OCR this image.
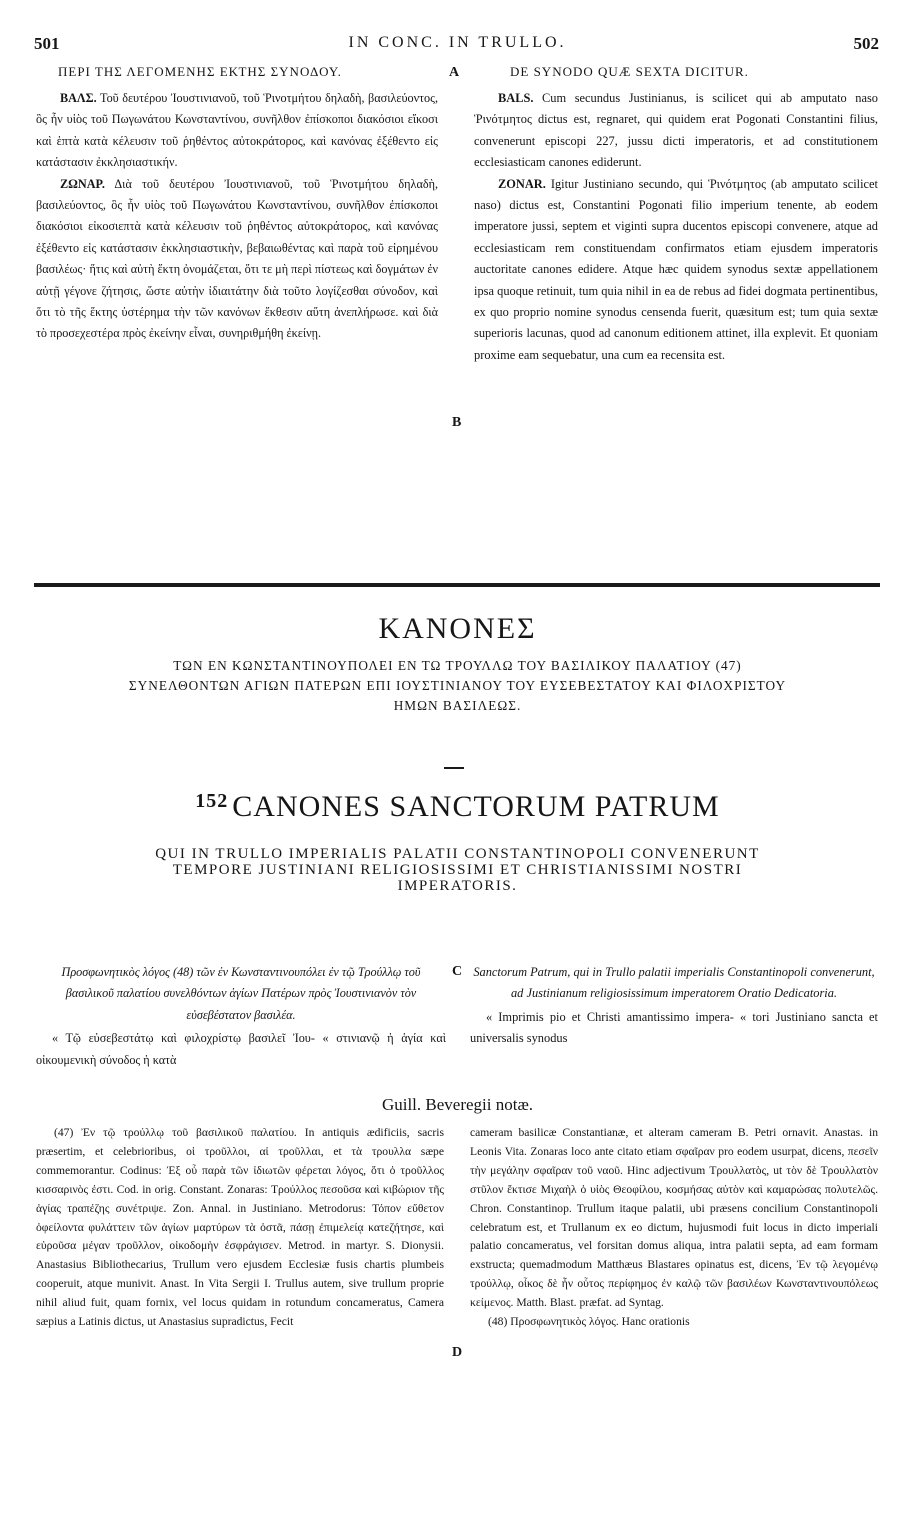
501	IN CONC. IN TRULLO.	502
ΠΕΡΙ ΤΗΣ ΛΕΓΟΜΕΝΗΣ ΕΚΤΗΣ ΣΥΝΟΔΟΥ.	A	DE SYNODO QUÆ SEXTA DICITUR.

ΒΑΛΣ. Τοῦ δευτέρου Ἰουστινιανοῦ, τοῦ Ῥινοτμήτου δηλαδὴ, βασιλεύοντος, ὃς ἦν υἱὸς τοῦ Πωγωνάτου Κωνσταντίνου, συνῆλθον ἐπίσκοποι διακόσιοι εἴκοσι καὶ ἑπτὰ κατὰ κέλευσιν τοῦ ῥηθέντος αὐτοκράτορος, καὶ κανόνας ἐξέθεντο εἰς κατάστασιν ἐκκλησιαστικήν.

ΖΩΝΑΡ. Διὰ τοῦ δευτέρου Ἰουστινιανοῦ, τοῦ Ῥινοτμήτου δηλαδὴ, βασιλεύοντος, ὃς ἦν υἱὸς τοῦ Πωγωνάτου Κωνσταντίνου, συνῆλθον ἐπίσκοποι διακόσιοι εἰκοσιεπτὰ κατὰ κέλευσιν τοῦ ῥηθέντος αὐτοκράτορος, καὶ κανόνας ἐξέθεντο εἰς κατάστασιν ἐκκλησιαστικὴν, βεβαιωθέντας καὶ παρὰ τοῦ εἰρημένου βασιλέως· ἥτις καὶ αὐτὴ ἕκτη ὀνομάζεται, ὅτι τε μὴ περὶ πίστεως καὶ δογμάτων ἐν αὐτῇ γέγονε ζήτησις, ὥστε αὐτὴν ἰδιαιτάτην διὰ τοῦτο λογίζεσθαι σύνοδον, καὶ ὅτι τὸ τῆς ἕκτης ὑστέρημα τὴν τῶν κανόνων ἔκθεσιν αὕτη ἀνεπλήρωσε. καὶ διὰ τὸ προσεχεστέρα πρὸς ἐκείνην εἶναι, συνηριθμήθη ἐκείνῃ.

B

BALS. Cum secundus Justinianus, is scilicet qui ab amputato naso Ῥινότμητος dictus est, regnaret, qui quidem erat Pogonati Constantini filius, convenerunt episcopi 227, jussu dicti imperatoris, et ad constitutionem ecclesiasticam canones ediderunt.

ZONAR. Igitur Justiniano secundo, qui Ῥινότμητος (ab amputato scilicet naso) dictus est, Constantini Pogonati filio imperium tenente, ab eodem imperatore jussi, septem et viginti supra ducentos episcopi convenere, atque ad ecclesiasticam rem constituendam confirmatos etiam ejusdem imperatoris auctoritate canones edidere. Atque hæc quidem synodus sextæ appellationem ipsa quoque retinuit, tum quia nihil in ea de rebus ad fidei dogmata pertinentibus, ex quo proprio nomine synodus censenda fuerit, quæsitum est; tum quia sextæ superioris lacunas, quod ad canonum editionem attinet, illa explevit. Et quoniam proxime eam sequebatur, una cum ea recensita est.

ΚΑΝΟΝΕΣ
ΤΩΝ ΕΝ ΚΩΝΣΤΑΝΤΙΝΟΥΠΟΛΕΙ ΕΝ ΤΩ ΤΡΟΥΛΛΩ ΤΟΥ ΒΑΣΙΛΙΚΟΥ ΠΑΛΑΤΙΟΥ (47)
ΣΥΝΕΛΘΟΝΤΩΝ ΑΓΙΩΝ ΠΑΤΕΡΩΝ ΕΠΙ ΙΟΥΣΤΙΝΙΑΝΟΥ ΤΟΥ ΕΥΣΕΒΕΣΤΑΤΟΥ ΚΑΙ ΦΙΛΟΧΡΙΣΤΟΥ
ΗΜΩΝ ΒΑΣΙΛΕΩΣ.
$^{152}$ CANONES SANCTORUM PATRUM
QUI IN TRULLO IMPERIALIS PALATII CONSTANTINOPOLI CONVENERUNT
TEMPORE JUSTINIANI RELIGIOSISSIMI ET CHRISTIANISSIMI NOSTRI
IMPERATORIS.
Προσφωνητικὸς λόγος (48) τῶν ἐν Κωνσταντινουπόλει ἐν τῷ Τρούλλῳ τοῦ βασιλικοῦ παλατίου συνελθόντων ἁγίων Πατέρων πρὸς Ἰουστινιανὸν τὸν εὐσεβέστατον βασιλέα.
« Τῷ εὐσεβεστάτῳ καὶ φιλοχρίστῳ βασιλεῖ Ἰου- « στινιανῷ ἡ ἁγία καὶ οἰκουμενικὴ σύνοδος ἡ κατὰ
C Sanctorum Patrum, qui in Trullo palatii imperialis Constantinopoli convenerunt, ad Justinianum religiosissimum imperatorem Oratio Dedicatoria.
« Imprimis pio et Christi amantissimo impera- « tori Justiniano sancta et universalis synodus
Guill. Beveregii notæ.

(47) Ἐν τῷ τρούλλῳ τοῦ βασιλικοῦ παλατίου. In antiquis ædificiis, sacris præsertim, et celebrioribus, οἱ τροῦλλοι, αἱ τροῦλλαι, et τὰ τρουλλα sæpe commemorantur. Codinus: Ἐξ οὗ παρὰ τῶν ἰδιωτῶν φέρεται λόγος, ὅτι ὁ τροῦλλος κισσαρινὸς ἐστι. Cod. in orig. Constant. Zonaras: Τρούλλος πεσοῦσα καὶ κιβώριον τῆς ἁγίας τραπέζης συνέτριψε. Zon. Annal. in Justiniano. Metrodorus: Τόπον εὔθετον ὀφείλοντα φυλάττειν τῶν ἁγίων μαρτύρων τὰ ὀστᾶ, πάσῃ ἐπιμελείᾳ κατεζήτησε, καὶ εὑροῦσα μέγαν τροῦλλον, οἰκοδομὴν ἐσφράγισεν. Metrod. in martyr. S. Dionysii. Anastasius Bibliothecarius, Trullum vero ejusdem Ecclesiæ fusis chartis plumbeis cooperuit, atque munivit. Anast. In Vita Sergii I. Trullus autem, sive trullum proprie nihil aliud fuit, quam fornix, vel locus quidam in rotundum concameratus, Camera sæpius a Latinis dictus, ut Anastasius supradictus, Fecit

D

cameram basilicæ Constantianæ, et alteram cameram B. Petri ornavit. Anastas. in Leonis Vita. Zonaras loco ante citato etiam σφαῖραν pro eodem usurpat, dicens, πεσεῖν τὴν μεγάλην σφαῖραν τοῦ ναοῦ. Hinc adjectivum Τρουλλατὸς, ut τὸν δὲ Τρουλλατὸν στῦλον ἔκτισε Μιχαὴλ ὁ υἱὸς Θεοφίλου, κοσμήσας αὐτὸν καὶ καμαρώσας πολυτελῶς. Chron. Constantinop. Trullum itaque palatii, ubi præsens concilium Constantinopoli celebratum est, et Trullanum ex eo dictum, hujusmodi fuit locus in dicto imperiali palatio concameratus, vel forsitan domus aliqua, intra palatii septa, ad eam formam exstructa; quemadmodum Matthæus Blastares opinatus est, dicens, Ἐν τῷ λεγομένῳ τρούλλῳ, οἶκος δὲ ἦν οὗτος περίφημος ἐν καλῷ τῶν βασιλέων Κωνσταντινουπόλεως κείμενος. Matth. Blast. præfat. ad Syntag.

(48) Προσφωνητικὸς λόγος. Hanc orationis
